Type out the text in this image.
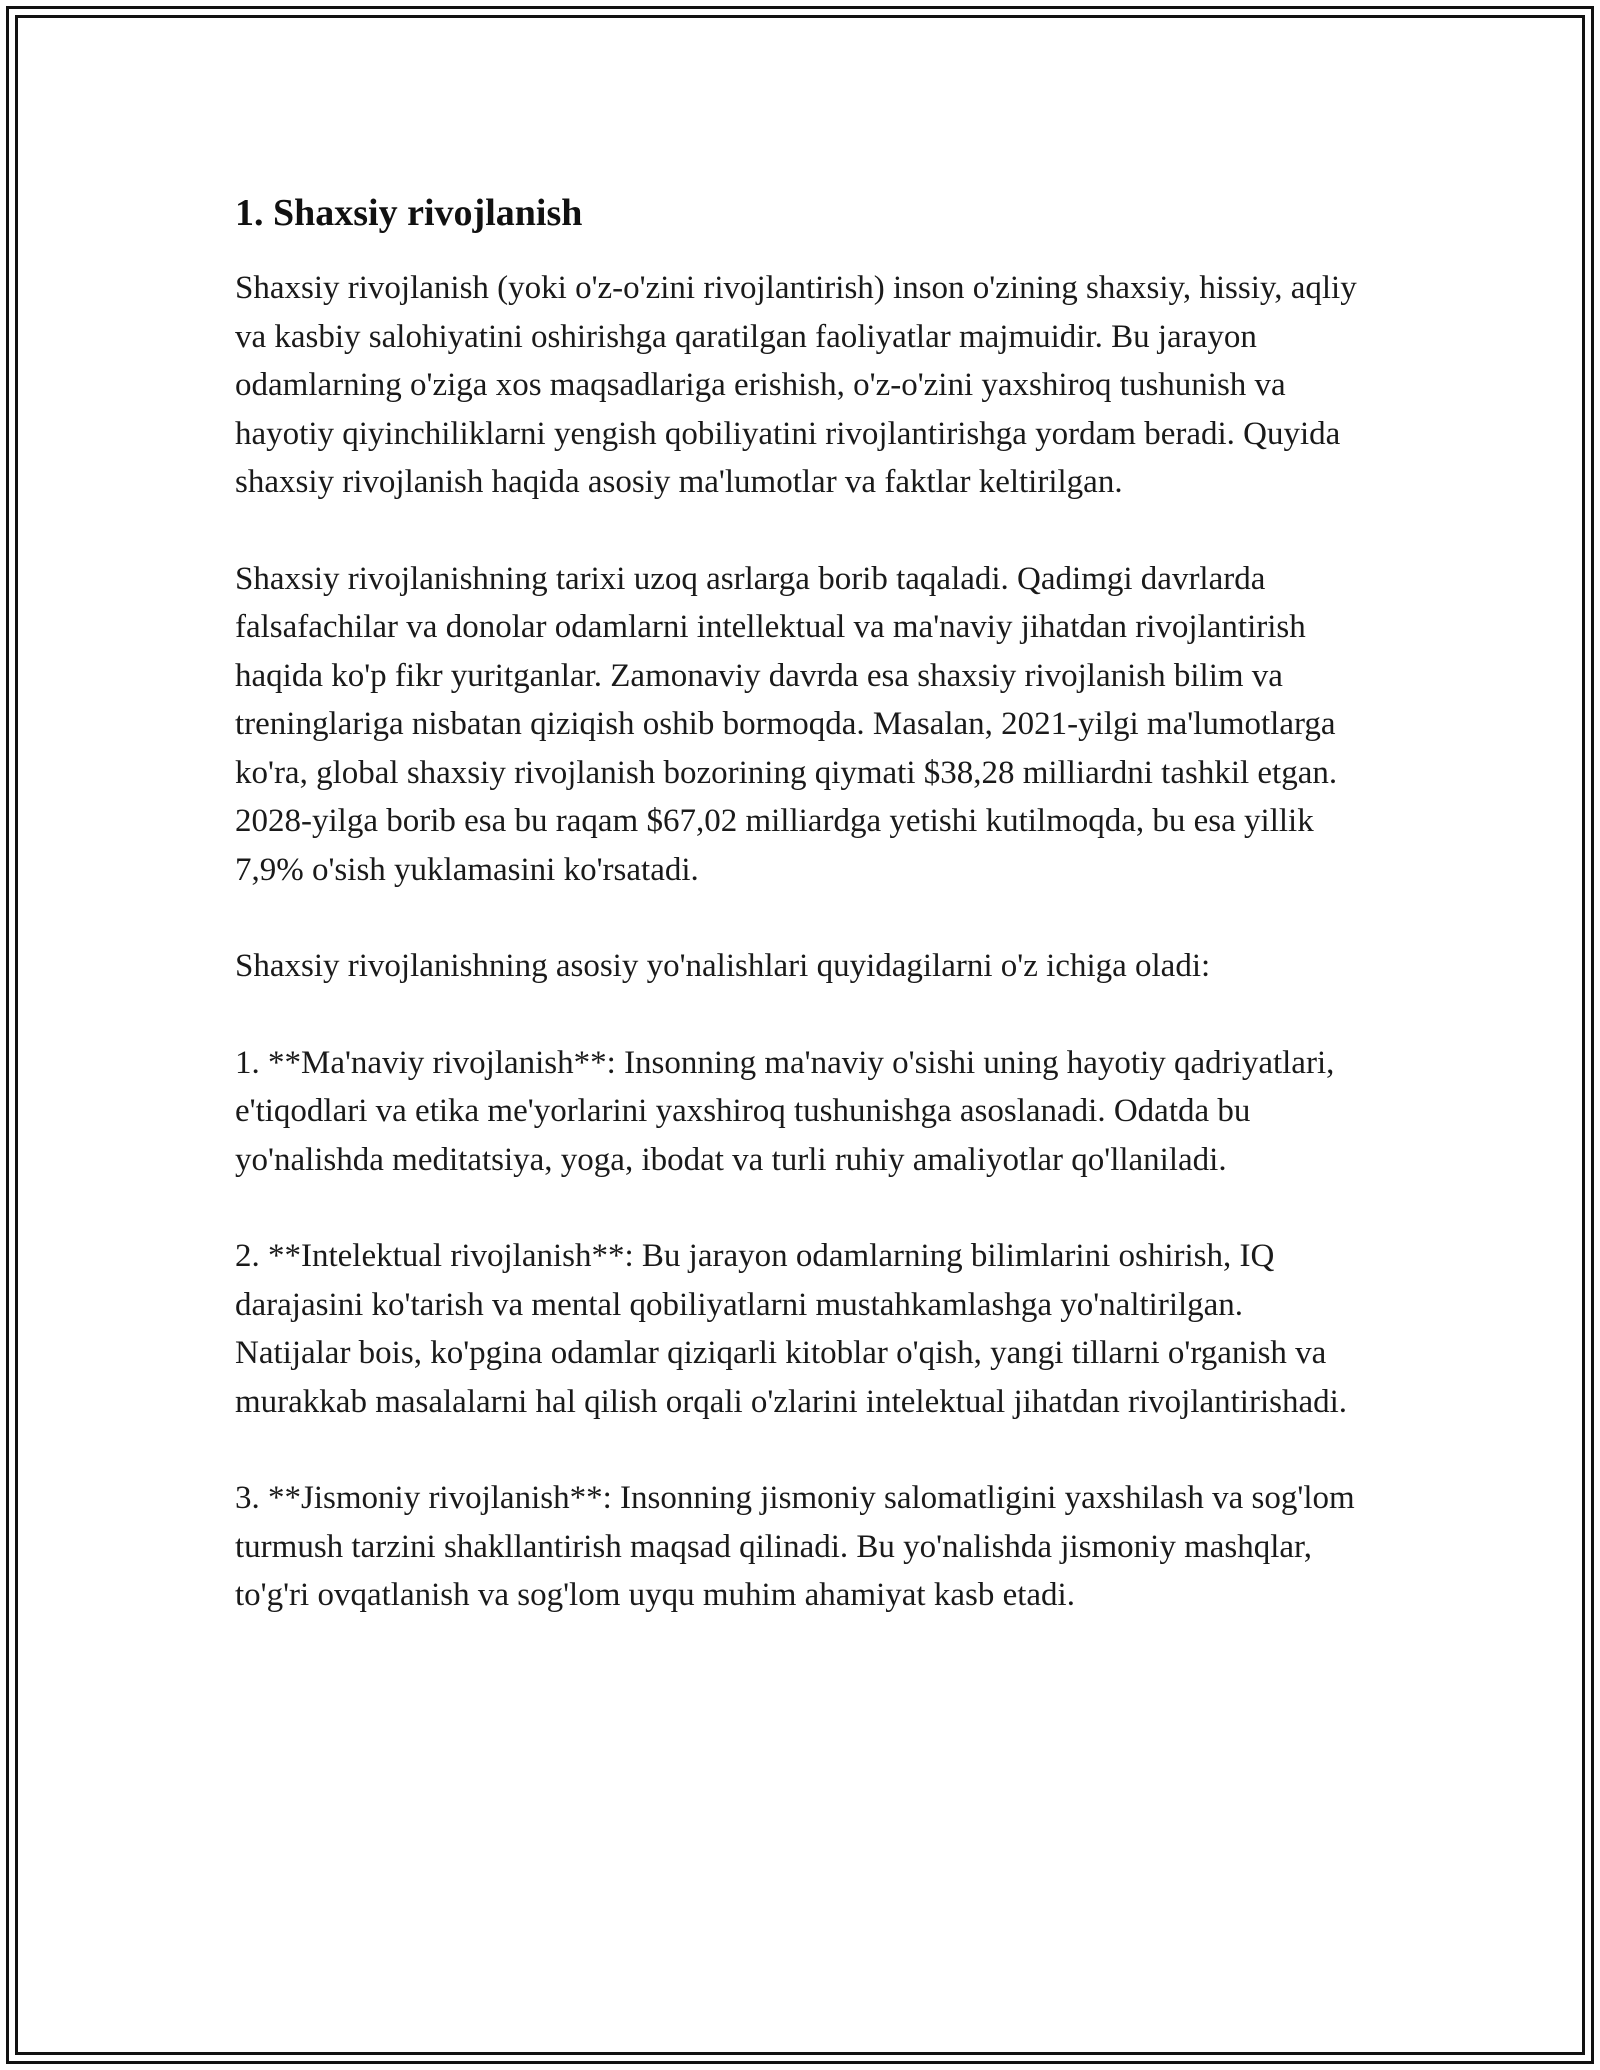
1. Shaxsiy rivojlanish

Shaxsiy rivojlanish (yoki o'z-o'zini rivojlantirish) inson o'zining shaxsiy, hissiy, aqliy va kasbiy salohiyatini oshirishga qaratilgan faoliyatlar majmuidir. Bu jarayon odamlarning o'ziga xos maqsadlariga erishish, o'z-o'zini yaxshiroq tushunish va hayotiy qiyinchiliklarni yengish qobiliyatini rivojlantirishga yordam beradi. Quyida shaxsiy rivojlanish haqida asosiy ma'lumotlar va faktlar keltirilgan.

Shaxsiy rivojlanishning tarixi uzoq asrlarga borib taqaladi. Qadimgi davrlarda falsafachilar va donolar odamlarni intellektual va ma'naviy jihatdan rivojlantirish haqida ko'p fikr yuritganlar. Zamonaviy davrda esa shaxsiy rivojlanish bilim va treninglariga nisbatan qiziqish oshib bormoqda. Masalan, 2021-yilgi ma'lumotlarga ko'ra, global shaxsiy rivojlanish bozorining qiymati $38,28 milliardni tashkil etgan. 2028-yilga borib esa bu raqam $67,02 milliardga yetishi kutilmoqda, bu esa yillik 7,9% o'sish yuklamasini ko'rsatadi.

Shaxsiy rivojlanishning asosiy yo'nalishlari quyidagilarni o'z ichiga oladi:

1. **Ma'naviy rivojlanish**: Insonning ma'naviy o'sishi uning hayotiy qadriyatlari, e'tiqodlari va etika me'yorlarini yaxshiroq tushunishga asoslanadi. Odatda bu yo'nalishda meditatsiya, yoga, ibodat va turli ruhiy amaliyotlar qo'llaniladi.

2. **Intelektual rivojlanish**: Bu jarayon odamlarning bilimlarini oshirish, IQ darajasini ko'tarish va mental qobiliyatlarni mustahkamlashga yo'naltirilgan. Natijalar bois, ko'pgina odamlar qiziqarli kitoblar o'qish, yangi tillarni o'rganish va murakkab masalalarni hal qilish orqali o'zlarini intelektual jihatdan rivojlantirishadi.

3. **Jismoniy rivojlanish**: Insonning jismoniy salomatligini yaxshilash va sog'lom turmush tarzini shakllantirish maqsad qilinadi. Bu yo'nalishda jismoniy mashqlar, to'g'ri ovqatlanish va sog'lom uyqu muhim ahamiyat kasb etadi.
